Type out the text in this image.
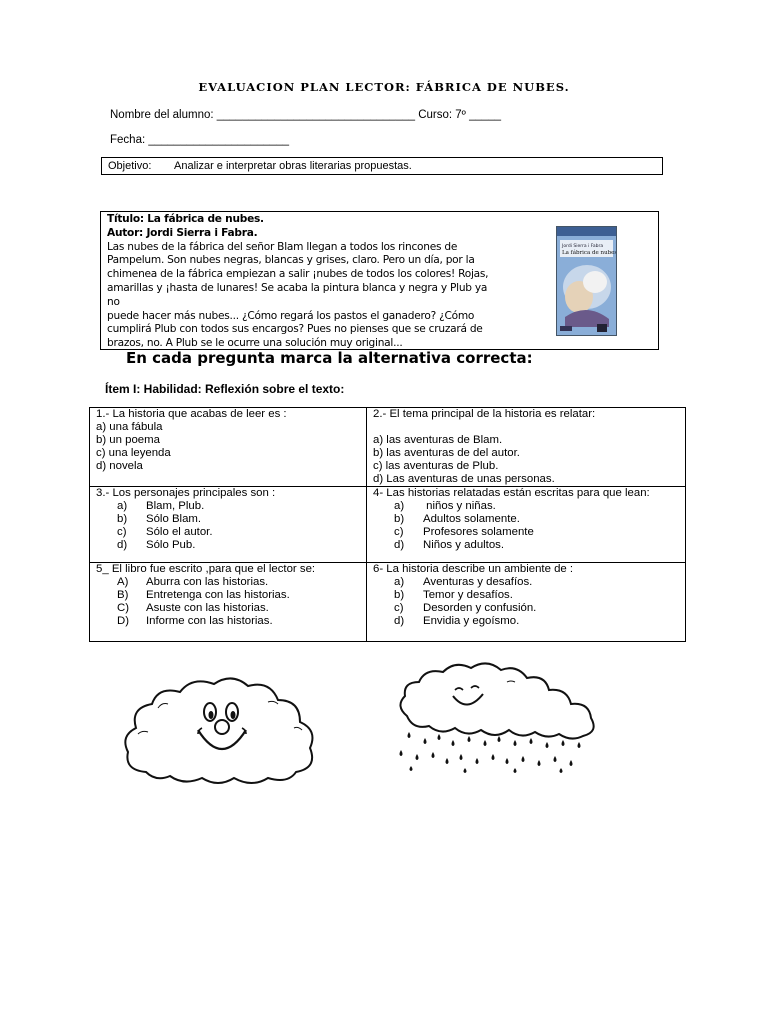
EVALUACION PLAN LECTOR: FÁBRICA DE NUBES.
Nombre del alumno: _______________________________ Curso: 7º _____
Fecha: ______________________
Objetivo: Analizar e interpretar obras literarias propuestas.
Título: La fábrica de nubes.
Autor: Jordi Sierra i Fabra.
Las nubes de la fábrica del señor Blam llegan a todos los rincones de
Pampelum. Son nubes negras, blancas y grises, claro. Pero un día, por la
chimenea de la fábrica empiezan a salir ¡nubes de todos los colores! Rojas,
amarillas y ¡hasta de lunares! Se acaba la pintura blanca y negra y Plub ya no
puede hacer más nubes... ¿Cómo regará los pastos el ganadero? ¿Cómo
cumplirá Plub con todos sus encargos? Pues no pienses que se cruzará de
brazos, no. A Plub se le ocurre una solución muy original...
Jordi Sierra i Fabra
La fábrica de nubes
En cada pregunta marca la alternativa correcta:
Ítem I: Habilidad: Reflexión sobre el texto:
1.- La historia que acabas de leer es :
a) una fábula
b) un poema
c) una leyenda
d) novela	2.- El tema principal de la historia es relatar:
a) las aventuras de Blam.
b) las aventuras de del autor.
c) las aventuras de Plub.
d) Las aventuras de unas personas.

3.- Los personajes principales son :
a) Blam, Plub.
b) Sólo Blam.
c) Sólo el autor.
d) Sólo Pub.	4- Las historias relatadas están escritas para que lean:
a) niños y niñas.
b) Adultos solamente.
c) Profesores solamente
d) Niños y adultos.

5_ El libro fue escrito ,para que el lector se:
A) Aburra con las historias.
B) Entretenga con las historias.
C) Asuste con las historias.
D) Informe con las historias.	6- La historia describe un ambiente de :
a) Aventuras y desafíos.
b) Temor y desafíos.
c) Desorden y confusión.
d) Envidia y egoísmo.
